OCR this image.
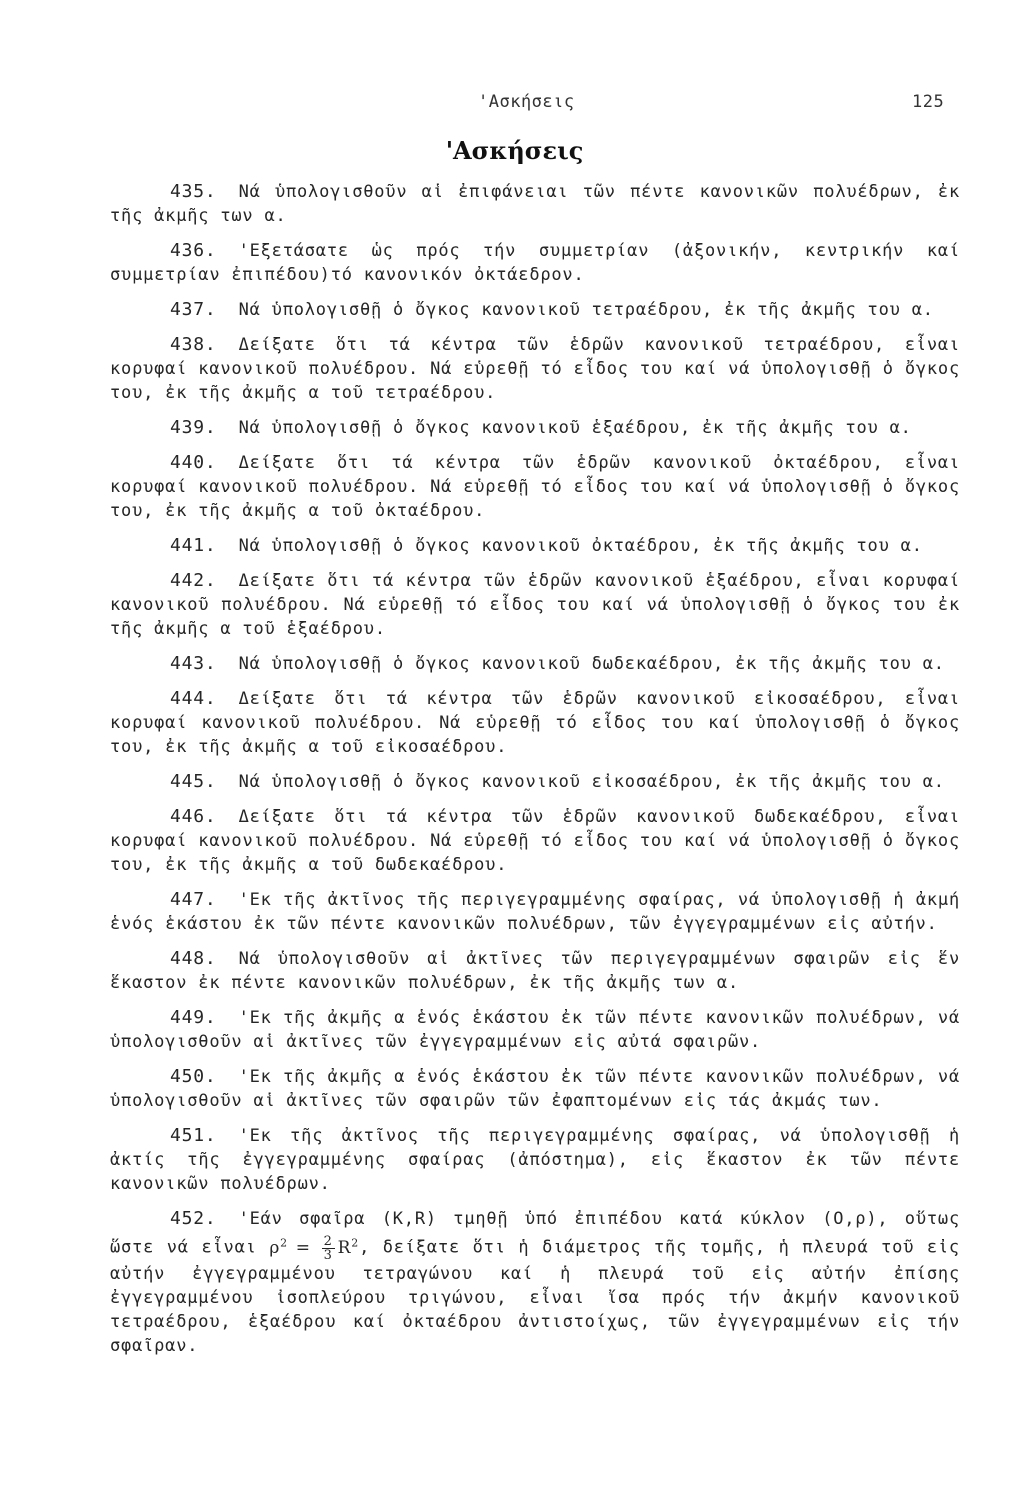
'Ασκήσεις	125
'Ασκήσεις

435. Νά ὑπολογισθοῦν αἱ ἐπιφάνειαι τῶν πέντε κανονικῶν πολυέδρων, ἐκ τῆς ἀκμῆς των α.

436. 'Εξετάσατε ὡς πρός τήν συμμετρίαν (ἀξονικήν, κεντρικήν καί συμμετρίαν ἐπιπέδου)τό κανονικόν ὀκτάεδρον.

437. Νά ὑπολογισθῇ ὁ ὄγκος κανονικοῦ τετραέδρου, ἐκ τῆς ἀκμῆς του α.

438. Δείξατε ὅτι τά κέντρα τῶν ἑδρῶν κανονικοῦ τετραέδρου, εἶναι κορυφαί κανονικοῦ πολυέδρου. Νά εὑρεθῇ τό εἶδος του καί νά ὑπολογισθῇ ὁ ὄγκος του, ἐκ τῆς ἀκμῆς α τοῦ τετραέδρου.

439. Νά ὑπολογισθῇ ὁ ὄγκος κανονικοῦ ἑξαέδρου, ἐκ τῆς ἀκμῆς του α.

440. Δείξατε ὅτι τά κέντρα τῶν ἑδρῶν κανονικοῦ ὀκταέδρου, εἶναι κορυφαί κανονικοῦ πολυέδρου. Νά εὑρεθῇ τό εἶδος του καί νά ὑπολογισθῇ ὁ ὄγκος του, ἐκ τῆς ἀκμῆς α τοῦ ὀκταέδρου.

441. Νά ὑπολογισθῇ ὁ ὄγκος κανονικοῦ ὀκταέδρου, ἐκ τῆς ἀκμῆς του α.

442. Δείξατε ὅτι τά κέντρα τῶν ἑδρῶν κανονικοῦ ἑξαέδρου, εἶναι κορυφαί κανονικοῦ πολυέδρου. Νά εὑρεθῇ τό εἶδος του καί νά ὑπολογισθῇ ὁ ὄγκος του ἐκ τῆς ἀκμῆς α τοῦ ἑξαέδρου.

443. Νά ὑπολογισθῇ ὁ ὄγκος κανονικοῦ δωδεκαέδρου, ἐκ τῆς ἀκμῆς του α.

444. Δείξατε ὅτι τά κέντρα τῶν ἑδρῶν κανονικοῦ εἰκοσαέδρου, εἶναι κορυφαί κανονικοῦ πολυέδρου. Νά εὑρεθῇ τό εἶδος του καί ὑπολογισθῇ ὁ ὄγκος του, ἐκ τῆς ἀκμῆς α τοῦ εἰκοσαέδρου.

445. Νά ὑπολογισθῇ ὁ ὄγκος κανονικοῦ εἰκοσαέδρου, ἐκ τῆς ἀκμῆς του α.

446. Δείξατε ὅτι τά κέντρα τῶν ἑδρῶν κανονικοῦ δωδεκαέδρου, εἶναι κορυφαί κανονικοῦ πολυέδρου. Νά εὑρεθῇ τό εἶδος του καί νά ὑπολογισθῇ ὁ ὄγκος του, ἐκ τῆς ἀκμῆς α τοῦ δωδεκαέδρου.

447. 'Εκ τῆς ἀκτῖνος τῆς περιγεγραμμένης σφαίρας, νά ὑπολογισθῇ ἡ ἀκμή ἑνός ἑκάστου ἐκ τῶν πέντε κανονικῶν πολυέδρων, τῶν ἐγγεγραμμένων εἰς αὐτήν.

448. Νά ὑπολογισθοῦν αἱ ἀκτῖνες τῶν περιγεγραμμένων σφαιρῶν εἰς ἕν ἕκαστον ἐκ πέντε κανονικῶν πολυέδρων, ἐκ τῆς ἀκμῆς των α.

449. 'Εκ τῆς ἀκμῆς α ἑνός ἑκάστου ἐκ τῶν πέντε κανονικῶν πολυέδρων, νά ὑπολογισθοῦν αἱ ἀκτῖνες τῶν ἐγγεγραμμένων εἰς αὐτά σφαιρῶν.

450. 'Εκ τῆς ἀκμῆς α ἑνός ἑκάστου ἐκ τῶν πέντε κανονικῶν πολυέδρων, νά ὑπολογισθοῦν αἱ ἀκτῖνες τῶν σφαιρῶν τῶν ἐφαπτομένων εἰς τάς ἀκμάς των.

451. 'Εκ τῆς ἀκτῖνος τῆς περιγεγραμμένης σφαίρας, νά ὑπολογισθῇ ἡ ἀκτίς τῆς ἐγγεγραμμένης σφαίρας (ἀπόστημα), εἰς ἕκαστον ἐκ τῶν πέντε κανονικῶν πολυέδρων.

452. 'Εάν σφαῖρα (Κ,R) τμηθῇ ὑπό ἐπιπέδου κατά κύκλον (Ο,ρ), οὕτως ὥστε νά εἶναι $\rho^2 = \frac{2}{3} R^2$, δείξατε ὅτι ἡ διάμετρος τῆς τομῆς, ἡ πλευρά τοῦ εἰς αὐτήν ἐγγεγραμμένου τετραγώνου καί ἡ πλευρά τοῦ εἰς αὐτήν ἐπίσης ἐγγεγραμμένου ἰσοπλεύρου τριγώνου, εἶναι ἴσα πρός τήν ἀκμήν κανονικοῦ τετραέδρου, ἑξαέδρου καί ὀκταέδρου ἀντιστοίχως, τῶν ἐγγεγραμμένων εἰς τήν σφαῖραν.
